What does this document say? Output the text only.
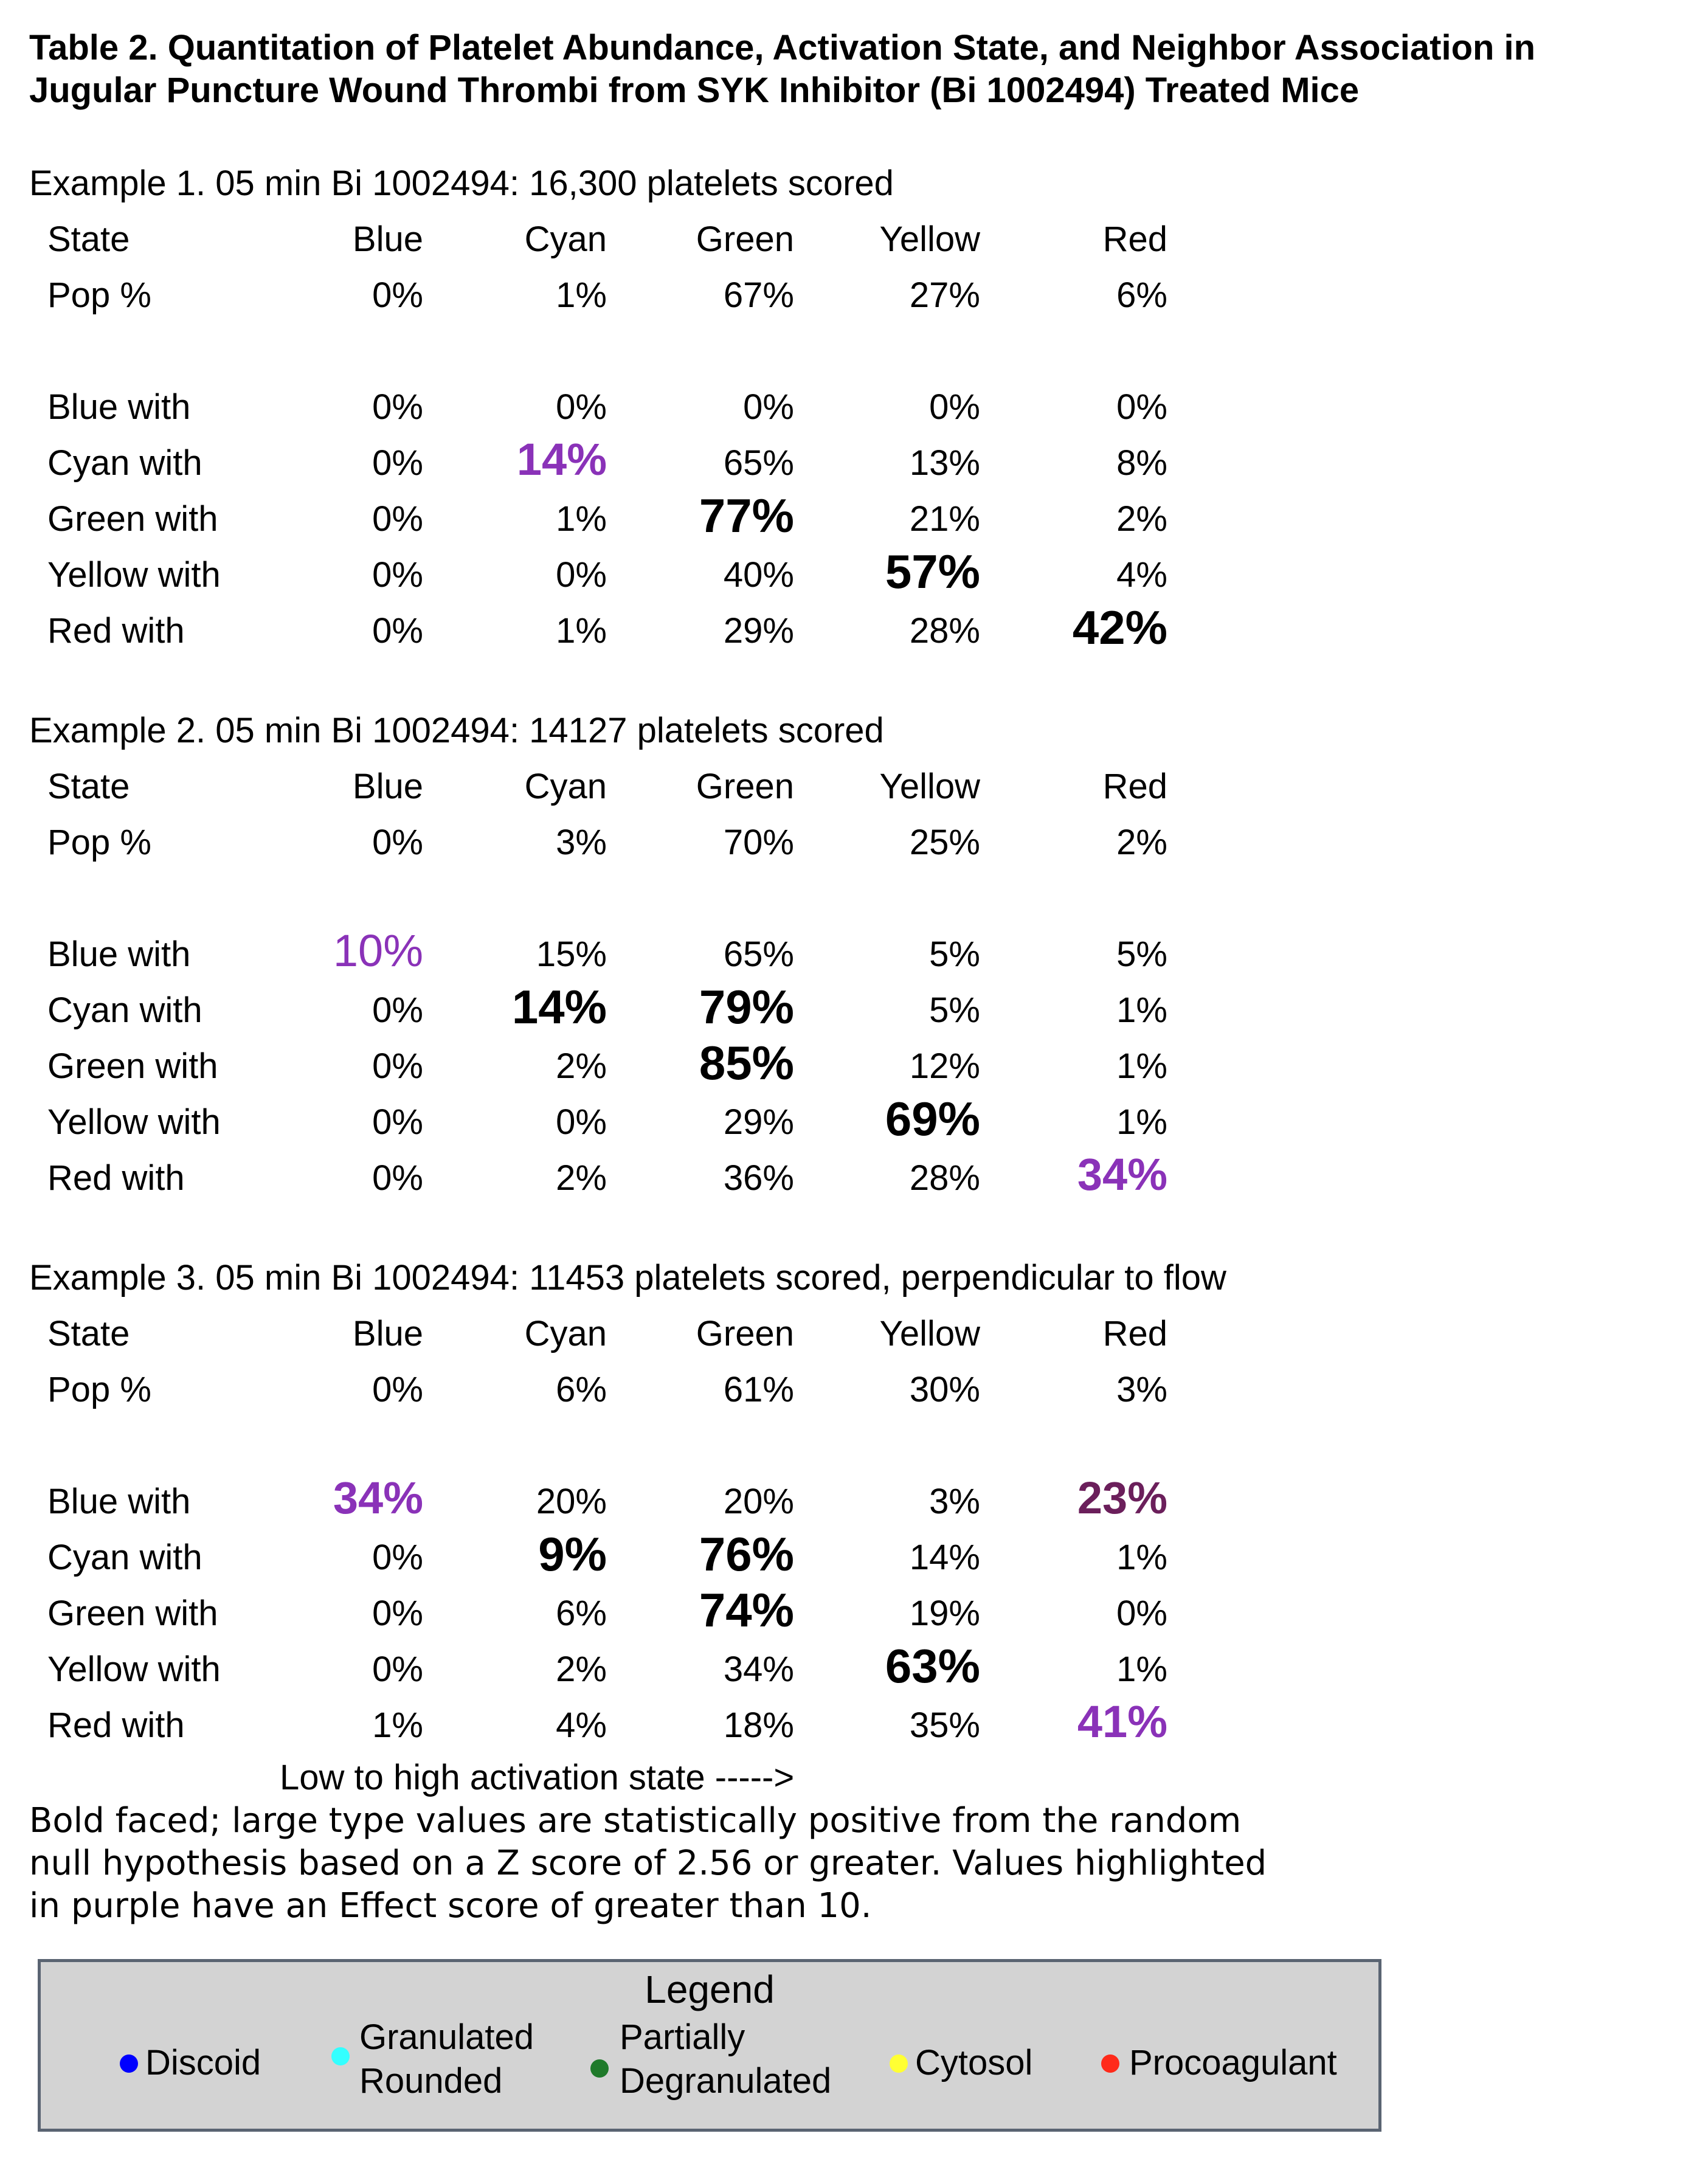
Table 2. Quantitation of Platelet Abundance, Activation State, and Neighbor Association in
Jugular Puncture Wound Thrombi from SYK Inhibitor (Bi 1002494) Treated Mice
Example 1. 05 min Bi 1002494: 16,300 platelets scored
State	Blue	Cyan	Green	Yellow	Red
Pop %	0%	1%	67%	27%	6%
Blue with	0%	0%	0%	0%	0%
Cyan with	0%	14%	65%	13%	8%
Green with	0%	1%	77%	21%	2%
Yellow with	0%	0%	40%	57%	4%
Red with	0%	1%	29%	28%	42%
Example 2. 05 min Bi 1002494: 14127 platelets scored
State	Blue	Cyan	Green	Yellow	Red
Pop %	0%	3%	70%	25%	2%
Blue with	10%	15%	65%	5%	5%
Cyan with	0%	14%	79%	5%	1%
Green with	0%	2%	85%	12%	1%
Yellow with	0%	0%	29%	69%	1%
Red with	0%	2%	36%	28%	34%
Example 3. 05 min Bi 1002494: 11453 platelets scored, perpendicular to flow
State	Blue	Cyan	Green	Yellow	Red
Pop %	0%	6%	61%	30%	3%
Blue with	34%	20%	20%	3%	23%
Cyan with	0%	9%	76%	14%	1%
Green with	0%	6%	74%	19%	0%
Yellow with	0%	2%	34%	63%	1%
Red with	1%	4%	18%	35%	41%
Low to high activation state ----->
Bold faced; large type values are statistically positive from the random
null hypothesis based on a Z score of 2.56 or greater. Values highlighted
in purple have an Effect score of greater than 10.
Legend
Discoid
Granulated
Rounded
Partially
Degranulated Cytosol	Procoagulant
